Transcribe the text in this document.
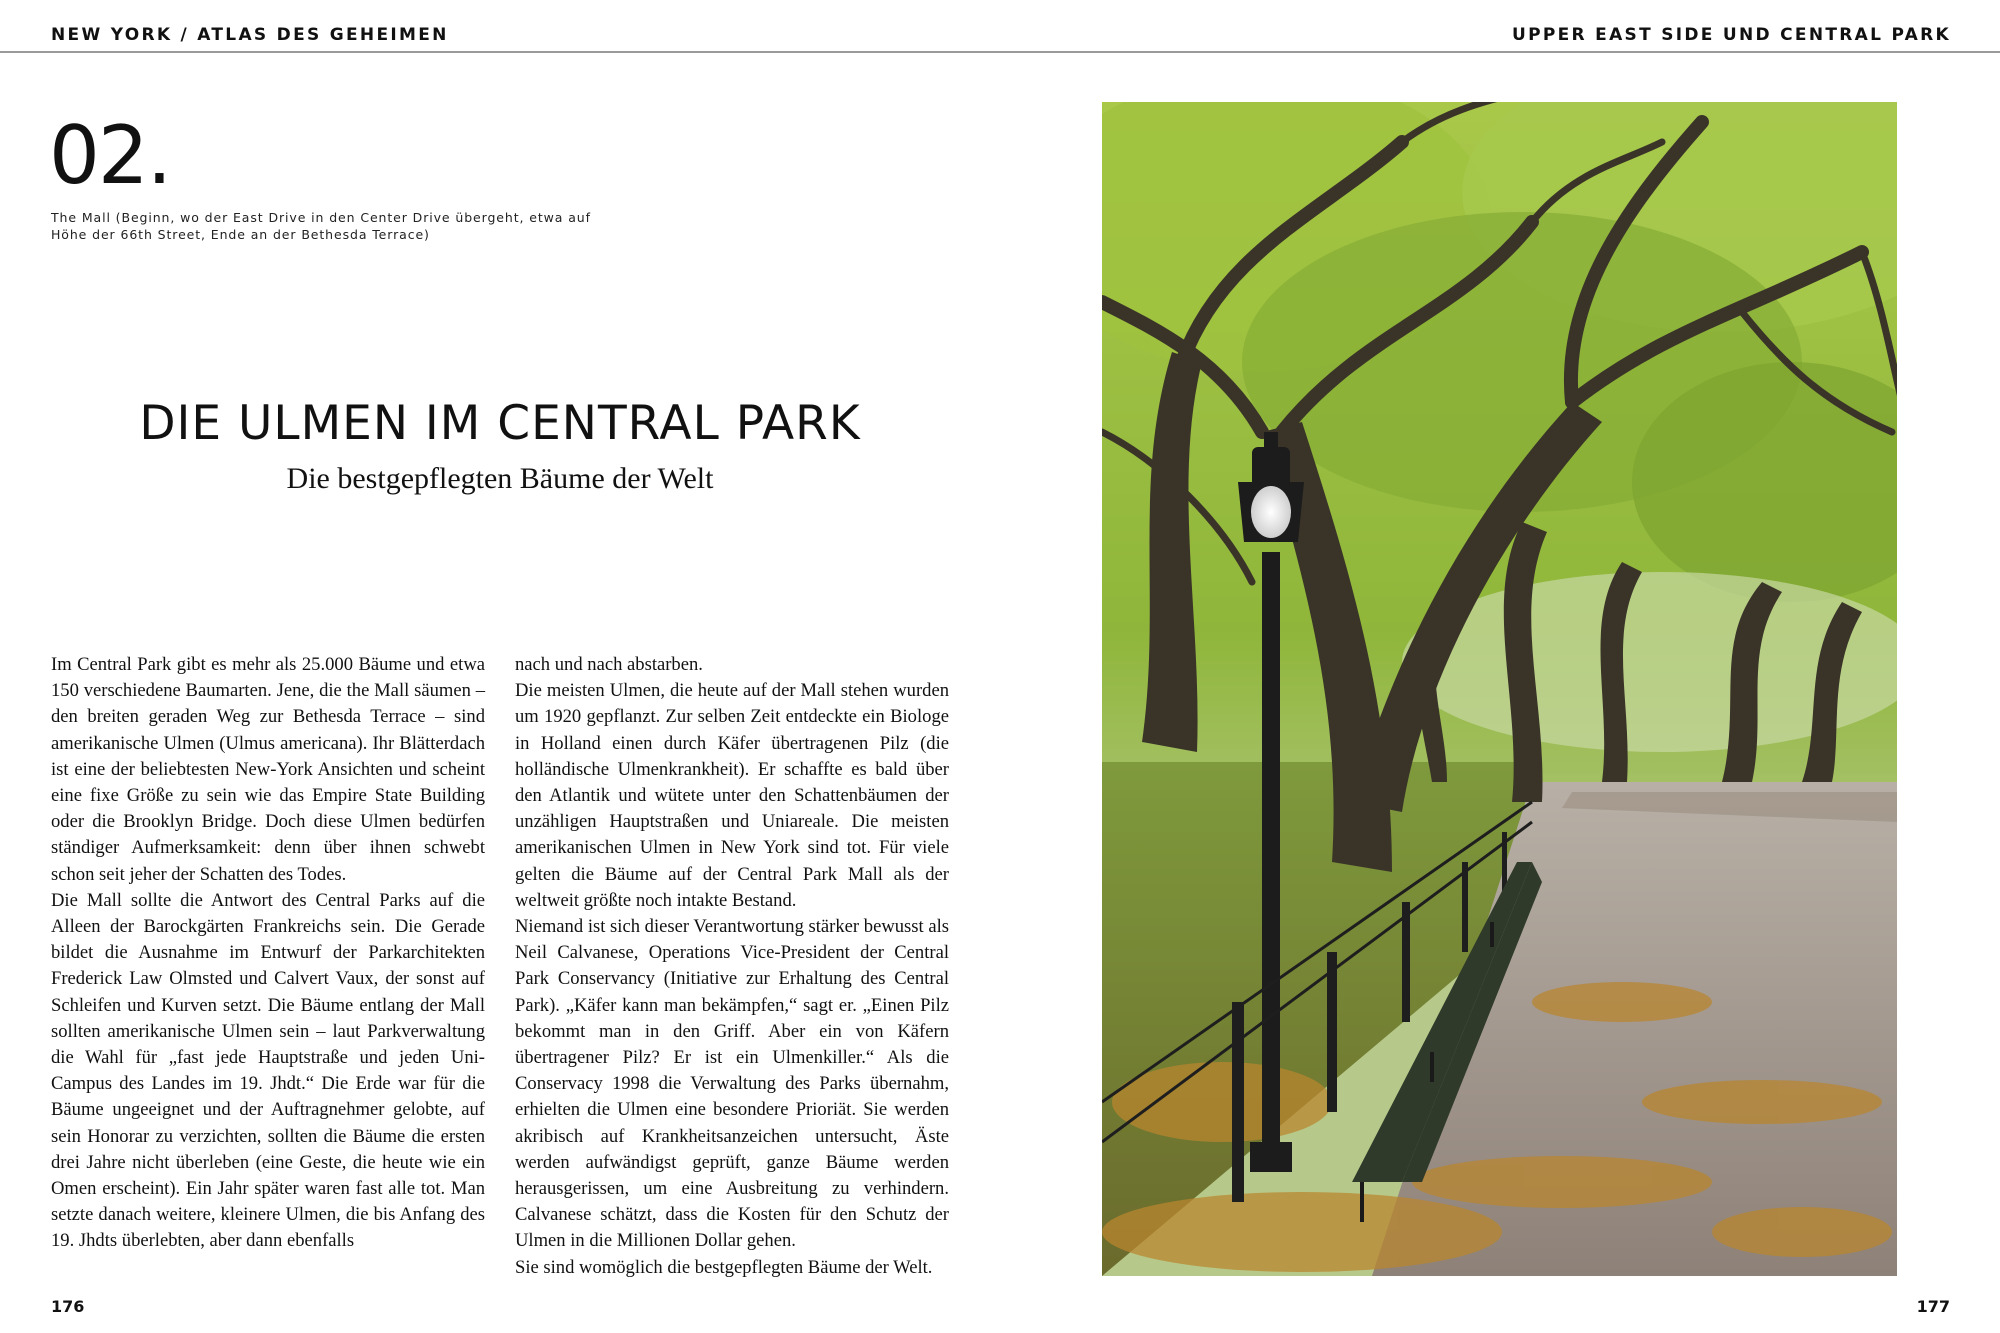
NEW YORK / ATLAS DES GEHEIMEN	UPPER EAST SIDE UND CENTRAL PARK
02.
The Mall (Beginn, wo der East Drive in den Center Drive übergeht, etwa auf Höhe der 66th Street, Ende an der Bethesda Terrace)
DIE ULMEN IM CENTRAL PARK
Die bestgepflegten Bäume der Welt

Im Central Park gibt es mehr als 25.000 Bäume und etwa 150 verschiedene Baumarten. Jene, die the Mall säumen – den breiten geraden Weg zur Bethesda Terrace – sind amerikanische Ulmen (Ulmus americana). Ihr Blätterdach ist eine der beliebtesten New-York Ansichten und scheint eine fixe Größe zu sein wie das Empire State Building oder die Brooklyn Bridge. Doch diese Ulmen bedürfen ständiger Aufmerksamkeit: denn über ihnen schwebt schon seit jeher der Schatten des Todes.

Die Mall sollte die Antwort des Central Parks auf die Alleen der Barockgärten Frankreichs sein. Die Gerade bildet die Ausnahme im Entwurf der Parkarchitekten Frederick Law Olmsted und Calvert Vaux, der sonst auf Schleifen und Kurven setzt. Die Bäume entlang der Mall sollten amerikanische Ulmen sein – laut Parkverwaltung die Wahl für „fast jede Hauptstraße und jeden Uni-Campus des Landes im 19. Jhdt.“ Die Erde war für die Bäume ungeeignet und der Auftragnehmer gelobte, auf sein Honorar zu verzichten, sollten die Bäume die ersten drei Jahre nicht überleben (eine Geste, die heute wie ein Omen erscheint). Ein Jahr später waren fast alle tot. Man setzte danach weitere, kleinere Ulmen, die bis Anfang des 19. Jhdts überlebten, aber dann ebenfalls

nach und nach abstarben.

Die meisten Ulmen, die heute auf der Mall stehen wurden um 1920 gepflanzt. Zur selben Zeit entdeckte ein Biologe in Holland einen durch Käfer übertragenen Pilz (die holländische Ulmenkrankheit). Er schaffte es bald über den Atlantik und wütete unter den Schattenbäumen der unzähligen Hauptstraßen und Uniareale. Die meisten amerikanischen Ulmen in New York sind tot. Für viele gelten die Bäume auf der Central Park Mall als der weltweit größte noch intakte Bestand.

Niemand ist sich dieser Verantwortung stärker bewusst als Neil Calvanese, Operations Vice-President der Central Park Conservancy (Initiative zur Erhaltung des Central Park). „Käfer kann man bekämpfen,“ sagt er. „Einen Pilz bekommt man in den Griff. Aber ein von Käfern übertragener Pilz? Er ist ein Ulmenkiller.“ Als die Conservacy 1998 die Verwaltung des Parks übernahm, erhielten die Ulmen eine besondere Prioriät. Sie werden akribisch auf Krankheitsanzeichen untersucht, Äste werden aufwändigst geprüft, ganze Bäume werden herausgerissen, um eine Ausbreitung zu verhindern. Calvanese schätzt, dass die Kosten für den Schutz der Ulmen in die Millionen Dollar gehen.

Sie sind womöglich die bestgepflegten Bäume der Welt.

176	177
